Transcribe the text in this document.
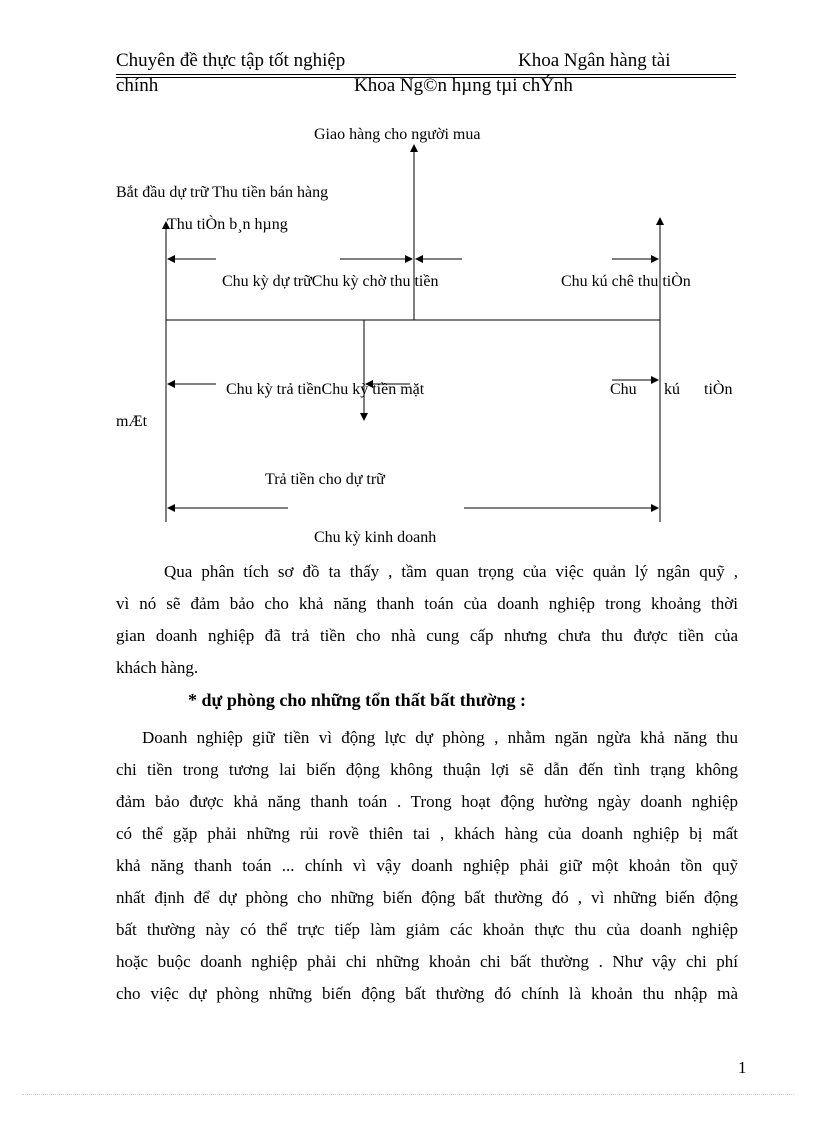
Chuyên đề thực tập tốt nghiệp	Khoa Ngân hàng tài
chính	Khoa Ng©n hµng tµi chÝnh
Giao hàng cho người mua
Bắt đầu dự trữ Thu tiền bán hàng
Thu tiÒn b¸n hµng
Chu kỳ dự trữChu kỳ chờ thu tiền	Chu kú chê thu tiÒn
Chu kỳ trả tiềnChu kỳ tiền mặt	Chu kú tiÒn
mÆt
Trả tiền cho dự trữ
Chu kỳ kinh doanh
Qua phân tích sơ đồ ta thấy , tầm quan trọng của việc quản lý ngân quỹ ,
vì nó sẽ đảm bảo cho khả năng thanh toán của doanh nghiệp trong khoảng thời
gian doanh nghiệp đã trả tiền cho nhà cung cấp nhưng chưa thu được tiền của
khách hàng.
* dự phòng cho những tổn thất bất thường :
Doanh nghiệp giữ tiền vì động lực dự phòng , nhằm ngăn ngừa khả năng thu
chi tiền trong tương lai biến động không thuận lợi sẽ dẫn đến tình trạng không
đảm bảo được khả năng thanh toán . Trong hoạt động hường ngày doanh nghiệp
có thể gặp phải những rủi rovề thiên tai , khách hàng của doanh nghiệp bị mất
khả năng thanh toán ... chính vì vậy doanh nghiệp phải giữ một khoản tồn quỹ
nhất định để dự phòng cho những biến động bất thường đó , vì những biến động
bất thường này có thể trực tiếp làm giảm các khoản thực thu của doanh nghiệp
hoặc buộc doanh nghiệp phải chi những khoản chi bất thường . Như vậy chi phí
cho việc dự phòng những biến động bất thường đó chính là khoản thu nhập mà
1
